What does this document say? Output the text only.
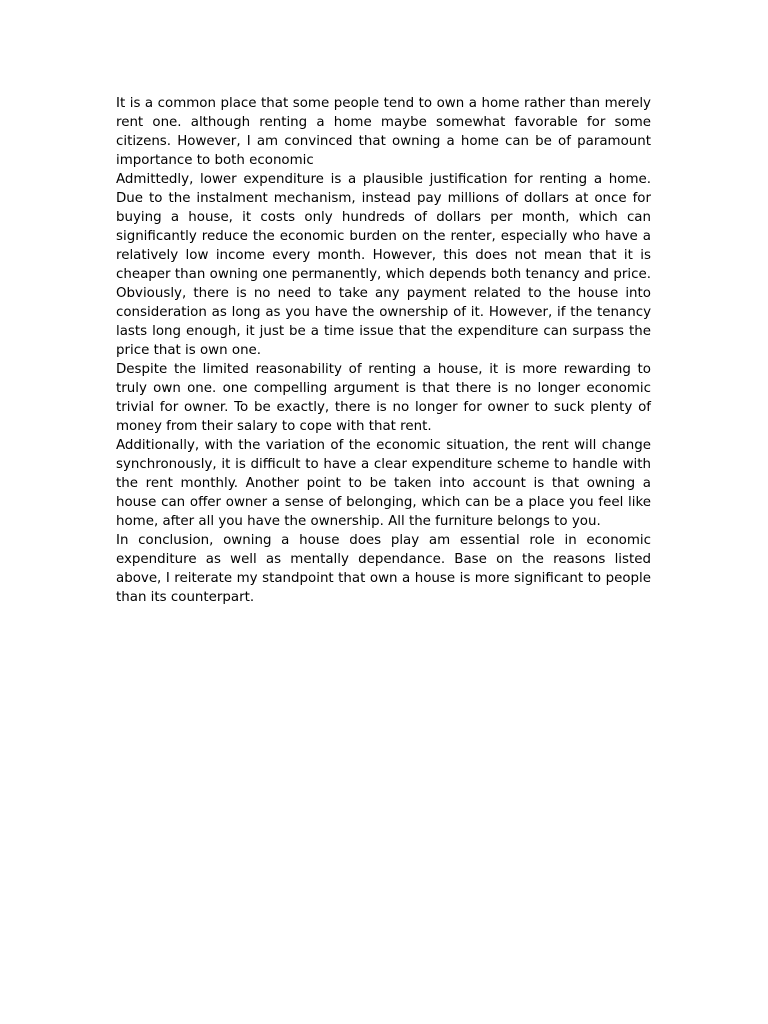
It is a common place that some people tend to own a home rather than merely rent one. although renting a home maybe somewhat favorable for some citizens. However, I am convinced that owning a home can be of paramount importance to both economic

Admittedly, lower expenditure is a plausible justification for renting a home. Due to the instalment mechanism, instead pay millions of dollars at once for buying a house, it costs only hundreds of dollars per month, which can significantly reduce the economic burden on the renter, especially who have a relatively low income every month. However, this does not mean that it is cheaper than owning one permanently, which depends both tenancy and price. Obviously, there is no need to take any payment related to the house into consideration as long as you have the ownership of it. However, if the tenancy lasts long enough, it just be a time issue that the expenditure can surpass the price that is own one.

Despite the limited reasonability of renting a house, it is more rewarding to truly own one. one compelling argument is that there is no longer economic trivial for owner. To be exactly, there is no longer for owner to suck plenty of money from their salary to cope with that rent.

Additionally, with the variation of the economic situation, the rent will change synchronously, it is difficult to have a clear expenditure scheme to handle with the rent monthly. Another point to be taken into account is that owning a house can offer owner a sense of belonging, which can be a place you feel like home, after all you have the ownership. All the furniture belongs to you.

In conclusion, owning a house does play am essential role in economic expenditure as well as mentally dependance. Base on the reasons listed above, I reiterate my standpoint that own a house is more significant to people than its counterpart.
